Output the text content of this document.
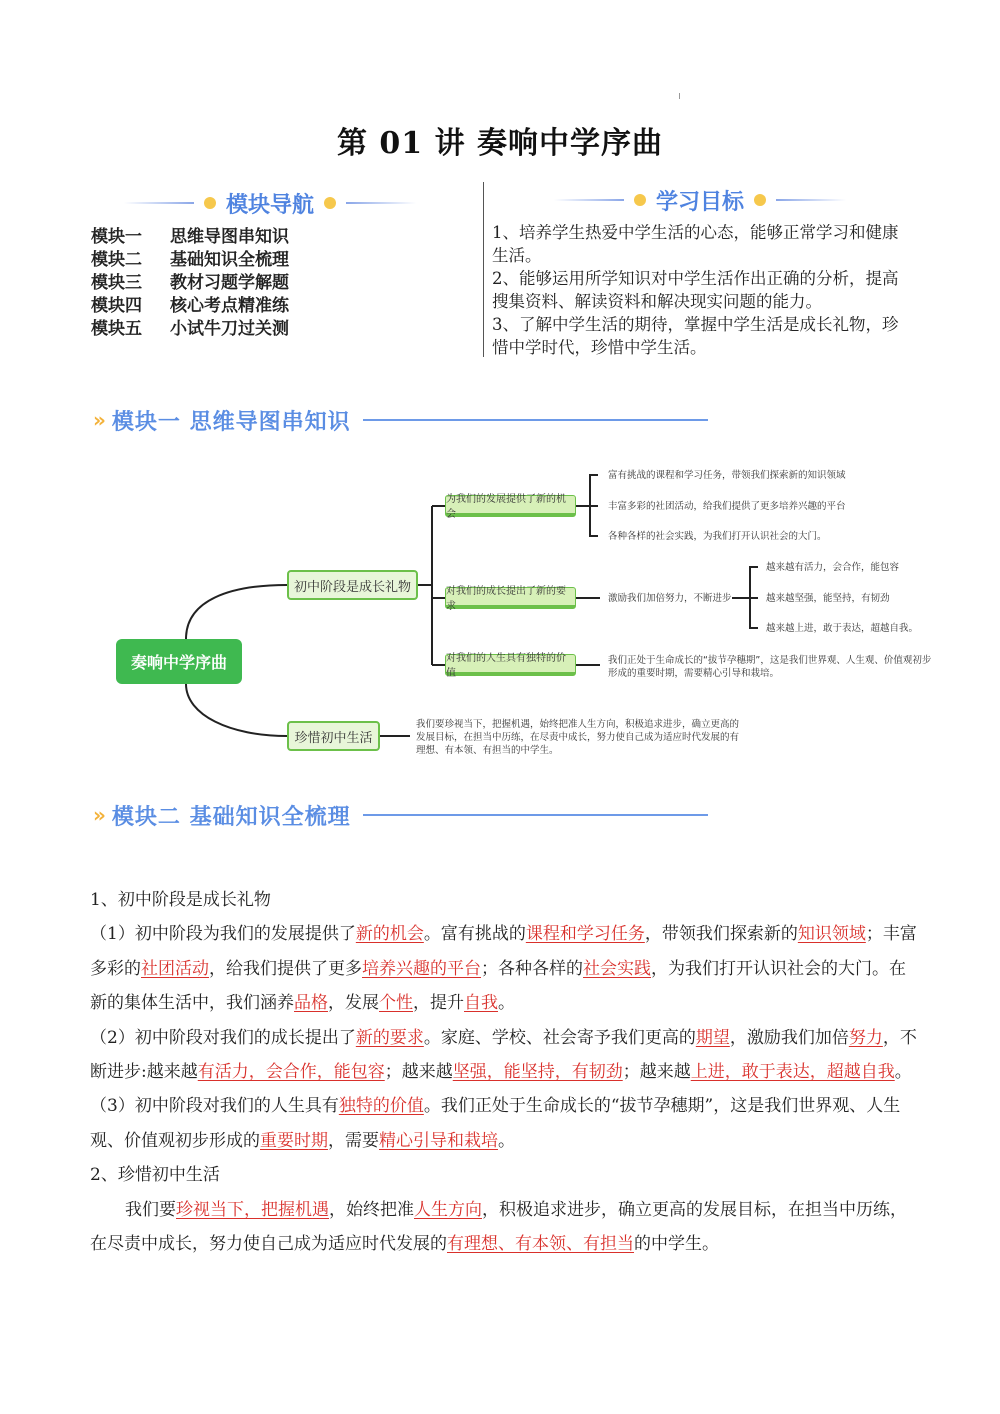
第 01 讲 奏响中学序曲
模块导航
模块一 思维导图串知识
模块二 基础知识全梳理
模块三 教材习题学解题
模块四 核心考点精准练
模块五 小试牛刀过关测
学习目标
1、培养学生热爱中学生活的心态，能够正常学习和健康生活。
2、能够运用所学知识对中学生活作出正确的分析，提高搜集资料、解读资料和解决现实问题的能力。
3、了解中学生活的期待，掌握中学生活是成长礼物，珍惜中学时代，珍惜中学生活。
» 模块一 思维导图串知识
奏响中学序曲
初中阶段是成长礼物
珍惜初中生活
为我们的发展提供了新的机会
对我们的成长提出了新的要求
对我们的人生具有独特的价值
富有挑战的课程和学习任务，带领我们探索新的知识领域
丰富多彩的社团活动，给我们提供了更多培养兴趣的平台
各种各样的社会实践，为我们打开认识社会的大门。
激励我们加倍努力，不断进步
越来越有活力，会合作，能包容
越来越坚强，能坚持，有韧劲
越来越上进，敢于表达，超越自我。
我们正处于生命成长的“拔节孕穗期”，这是我们世界观、人生观、价值观初步形成的重要时期，需要精心引导和栽培。
我们要珍视当下，把握机遇，始终把准人生方向，积极追求进步，确立更高的发展目标，在担当中历练，在尽责中成长，努力使自己成为适应时代发展的有理想、有本领、有担当的中学生。
» 模块二 基础知识全梳理

1、初中阶段是成长礼物

（1）初中阶段为我们的发展提供了新的机会。富有挑战的课程和学习任务，带领我们探索新的知识领域；丰富多彩的社团活动，给我们提供了更多培养兴趣的平台；各种各样的社会实践，为我们打开认识社会的大门。在新的集体生活中，我们涵养品格，发展个性，提升自我。

（2）初中阶段对我们的成长提出了新的要求。家庭、学校、社会寄予我们更高的期望，激励我们加倍努力，不断进步:越来越有活力，会合作，能包容；越来越坚强，能坚持，有韧劲；越来越上进，敢于表达，超越自我。

（3）初中阶段对我们的人生具有独特的价值。我们正处于生命成长的“拔节孕穗期”，这是我们世界观、人生观、价值观初步形成的重要时期，需要精心引导和栽培。

2、珍惜初中生活

我们要珍视当下，把握机遇，始终把准人生方向，积极追求进步，确立更高的发展目标，在担当中历练，在尽责中成长，努力使自己成为适应时代发展的有理想、有本领、有担当的中学生。
